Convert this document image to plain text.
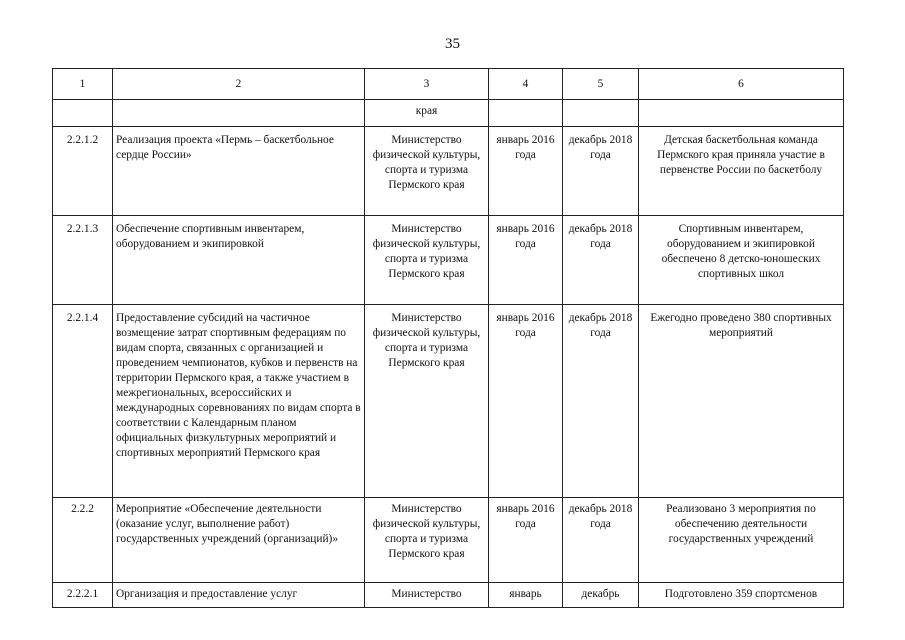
35
1	2	3	4	5	6
		края			
2.2.1.2	Реализация проекта «Пермь – баскетбольное сердце России»	Министерство физической культуры, спорта и туризма Пермского края	январь 2016 года	декабрь 2018 года	Детская баскетбольная команда Пермского края приняла участие в первенстве России по баскетболу
2.2.1.3	Обеспечение спортивным инвентарем, оборудованием и экипировкой	Министерство физической культуры, спорта и туризма Пермского края	январь 2016 года	декабрь 2018 года	Спортивным инвентарем, оборудованием и экипировкой обеспечено 8 детско-юношеских спортивных школ
2.2.1.4	Предоставление субсидий на частичное возмещение затрат спортивным федерациям по видам спорта, связанных с организацией и проведением чемпионатов, кубков и первенств на территории Пермского края, а также участием в межрегиональных, всероссийских и международных соревнованиях по видам спорта в соответствии с Календарным планом официальных физкультурных мероприятий и спортивных мероприятий Пермского края	Министерство физической культуры, спорта и туризма Пермского края	январь 2016 года	декабрь 2018 года	Ежегодно проведено 380 спортивных мероприятий
2.2.2	Мероприятие «Обеспечение деятельности (оказание услуг, выполнение работ) государственных учреждений (организаций)»	Министерство физической культуры, спорта и туризма Пермского края	январь 2016 года	декабрь 2018 года	Реализовано 3 мероприятия по обеспечению деятельности государственных учреждений
2.2.2.1	Организация и предоставление услуг	Министерство	январь	декабрь	Подготовлено 359 спортсменов
